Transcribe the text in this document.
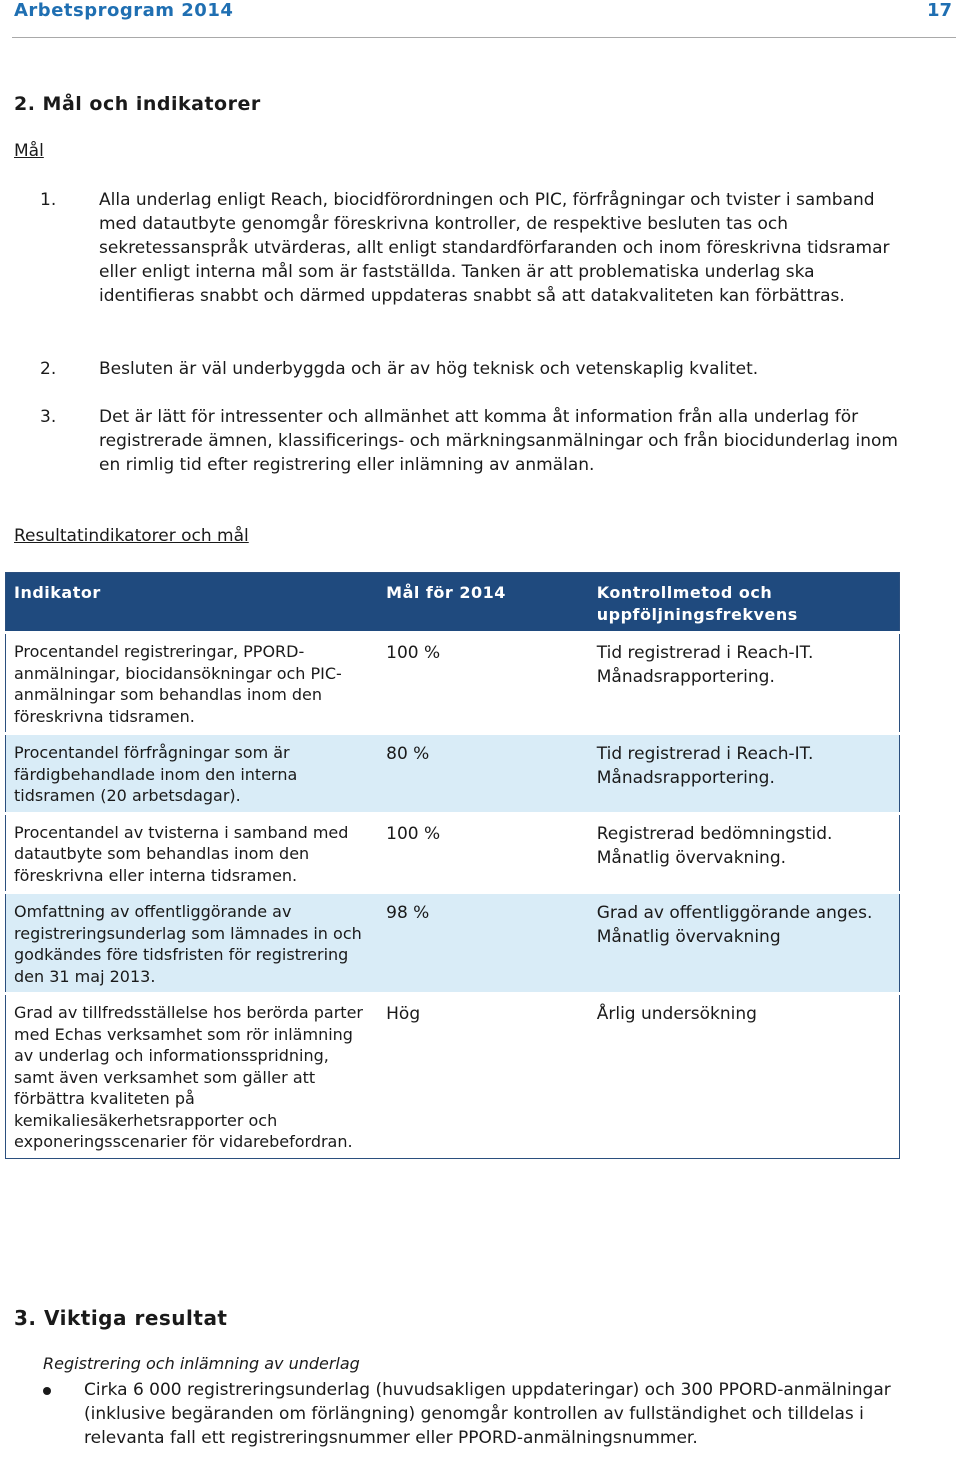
Arbetsprogram 2014	17
2. Mål och indikatorer
Mål
1.	Alla underlag enligt Reach, biocidförordningen och PIC, förfrågningar och tvister i samband med datautbyte genomgår föreskrivna kontroller, de respektive besluten tas och sekretessanspråk utvärderas, allt enligt standardförfaranden och inom föreskrivna tidsramar eller enligt interna mål som är fastställda. Tanken är att problematiska underlag ska identifieras snabbt och därmed uppdateras snabbt så att datakvaliteten kan förbättras.
2.	Besluten är väl underbyggda och är av hög teknisk och vetenskaplig kvalitet.
3.	Det är lätt för intressenter och allmänhet att komma åt information från alla underlag för registrerade ämnen, klassificerings- och märkningsanmälningar och från biocidunderlag inom en rimlig tid efter registrering eller inlämning av anmälan.
Resultatindikatorer och mål
Indikator	Mål för 2014	Kontrollmetod och uppföljningsfrekvens
Procentandel registreringar, PPORD-anmälningar, biocidansökningar och PIC-anmälningar som behandlas inom den föreskrivna tidsramen.	100 %	Tid registrerad i Reach-IT. Månadsrapportering.
Procentandel förfrågningar som är färdigbehandlade inom den interna tidsramen (20 arbetsdagar).	80 %	Tid registrerad i Reach-IT. Månadsrapportering.
Procentandel av tvisterna i samband med datautbyte som behandlas inom den föreskrivna eller interna tidsramen.	100 %	Registrerad bedömningstid. Månatlig övervakning.
Omfattning av offentliggörande av registreringsunderlag som lämnades in och godkändes före tidsfristen för registrering den 31 maj 2013.	98 %	Grad av offentliggörande anges. Månatlig övervakning
Grad av tillfredsställelse hos berörda parter med Echas verksamhet som rör inlämning av underlag och informationsspridning, samt även verksamhet som gäller att förbättra kvaliteten på kemikaliesäkerhetsrapporter och exponeringsscenarier för vidarebefordran.	Hög	Årlig undersökning
3. Viktiga resultat
Registrering och inlämning av underlag
Cirka 6 000 registreringsunderlag (huvudsakligen uppdateringar) och 300 PPORD-anmälningar (inklusive begäranden om förlängning) genomgår kontrollen av fullständighet och tilldelas i relevanta fall ett registreringsnummer eller PPORD-anmälningsnummer.
